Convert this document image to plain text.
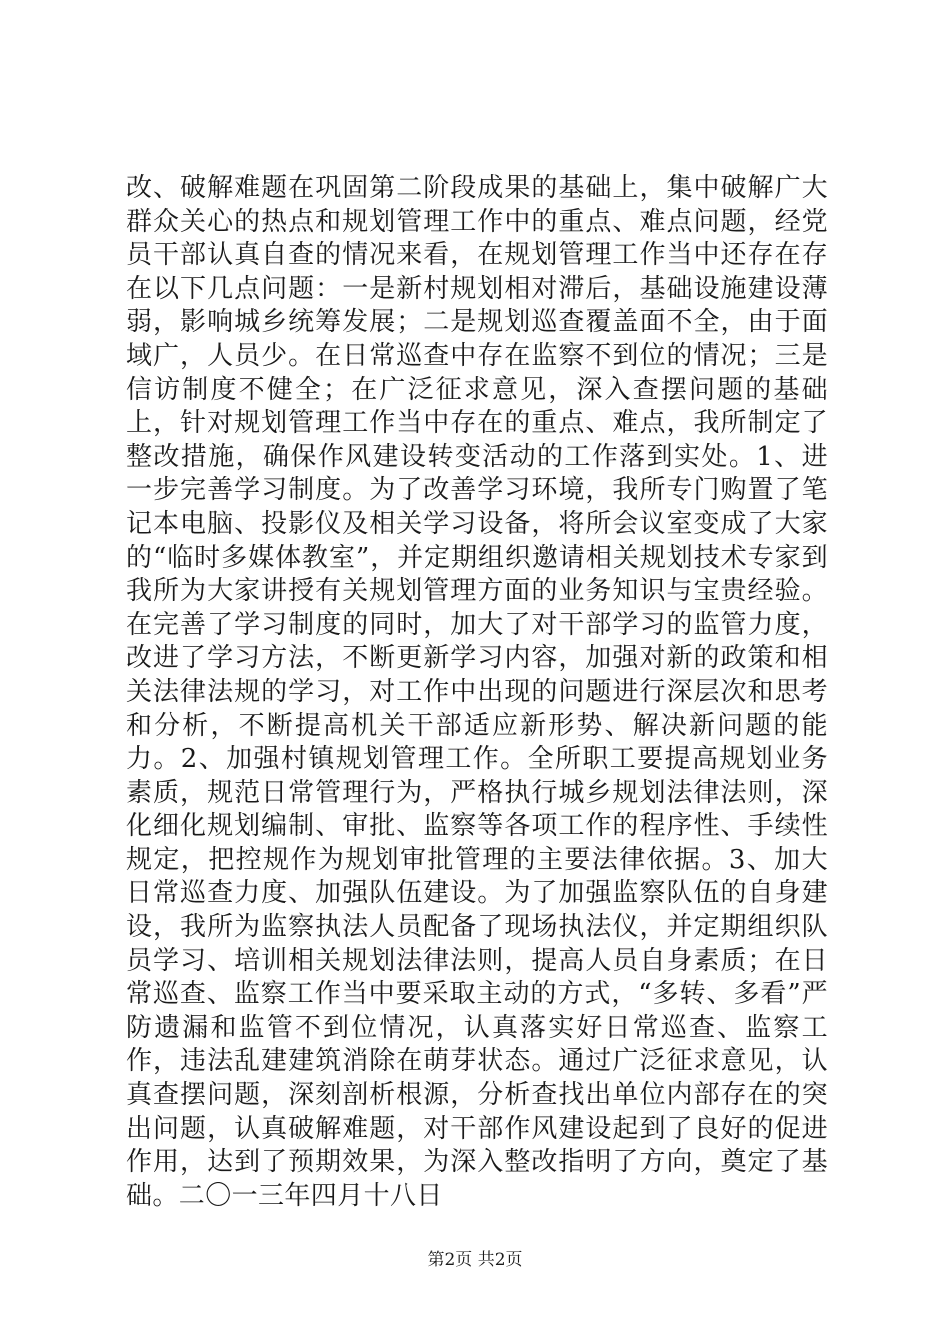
改、破解难题在巩固第二阶段成果的基础上，集中破解广大群众关心的热点和规划管理工作中的重点、难点问题，经党员干部认真自查的情况来看，在规划管理工作当中还存在存在以下几点问题：一是新村规划相对滞后，基础设施建设薄弱，影响城乡统筹发展；二是规划巡查覆盖面不全，由于面域广，人员少。在日常巡查中存在监察不到位的情况；三是信访制度不健全；在广泛征求意见，深入查摆问题的基础上，针对规划管理工作当中存在的重点、难点，我所制定了整改措施，确保作风建设转变活动的工作落到实处。1、进一步完善学习制度。为了改善学习环境，我所专门购置了笔记本电脑、投影仪及相关学习设备，将所会议室变成了大家的“临时多媒体教室”，并定期组织邀请相关规划技术专家到我所为大家讲授有关规划管理方面的业务知识与宝贵经验。在完善了学习制度的同时，加大了对干部学习的监管力度，改进了学习方法，不断更新学习内容，加强对新的政策和相关法律法规的学习，对工作中出现的问题进行深层次和思考和分析，不断提高机关干部适应新形势、解决新问题的能力。2、加强村镇规划管理工作。全所职工要提高规划业务素质，规范日常管理行为，严格执行城乡规划法律法则，深化细化规划编制、审批、监察等各项工作的程序性、手续性规定，把控规作为规划审批管理的主要法律依据。3、加大日常巡查力度、加强队伍建设。为了加强监察队伍的自身建设，我所为监察执法人员配备了现场执法仪，并定期组织队员学习、培训相关规划法律法则，提高人员自身素质；在日常巡查、监察工作当中要采取主动的方式，“多转、多看”严防遗漏和监管不到位情况，认真落实好日常巡查、监察工作，违法乱建建筑消除在萌芽状态。通过广泛征求意见，认真查摆问题，深刻剖析根源，分析查找出单位内部存在的突出问题，认真破解难题，对干部作风建设起到了良好的促进作用，达到了预期效果，为深入整改指明了方向，奠定了基础。二〇一三年四月十八日

第2页 共2页
